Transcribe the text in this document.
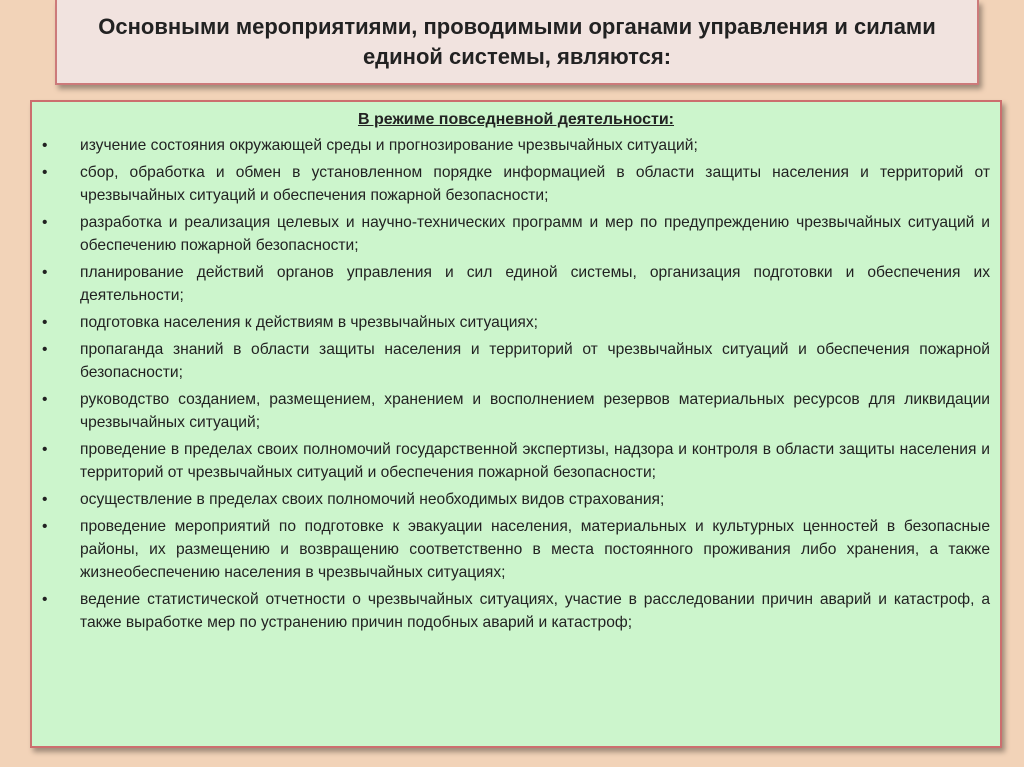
Основными мероприятиями, проводимыми органами управления и силами единой системы, являются:
В режиме повседневной деятельности:
•	изучение состояния окружающей среды и прогнозирование чрезвычайных ситуаций;
•	сбор, обработка и обмен в установленном порядке информацией в области защиты населения и территорий от чрезвычайных ситуаций и обеспечения пожарной безопасности;
•	разработка и реализация целевых и научно-технических программ и мер по предупреждению чрезвычайных ситуаций и обеспечению пожарной безопасности;
•	планирование действий органов управления и сил единой системы, организация подготовки и обеспечения их деятельности;
•	подготовка населения к действиям в чрезвычайных ситуациях;
•	пропаганда знаний в области защиты населения и территорий от чрезвычайных ситуаций и обеспечения пожарной безопасности;
•	руководство созданием, размещением, хранением и восполнением резервов материальных ресурсов для ликвидации чрезвычайных ситуаций;
•	проведение в пределах своих полномочий государственной экспертизы, надзора и контроля в области защиты населения и территорий от чрезвычайных ситуаций и обеспечения пожарной безопасности;
•	осуществление в пределах своих полномочий необходимых видов страхования;
•	проведение мероприятий по подготовке к эвакуации населения, материальных и культурных ценностей в безопасные районы, их размещению и возвращению соответственно в места постоянного проживания либо хранения, а также жизнеобеспечению населения в чрезвычайных ситуациях;
•	ведение статистической отчетности о чрезвычайных ситуациях, участие в расследовании причин аварий и катастроф, а также выработке мер по устранению причин подобных аварий и катастроф;
